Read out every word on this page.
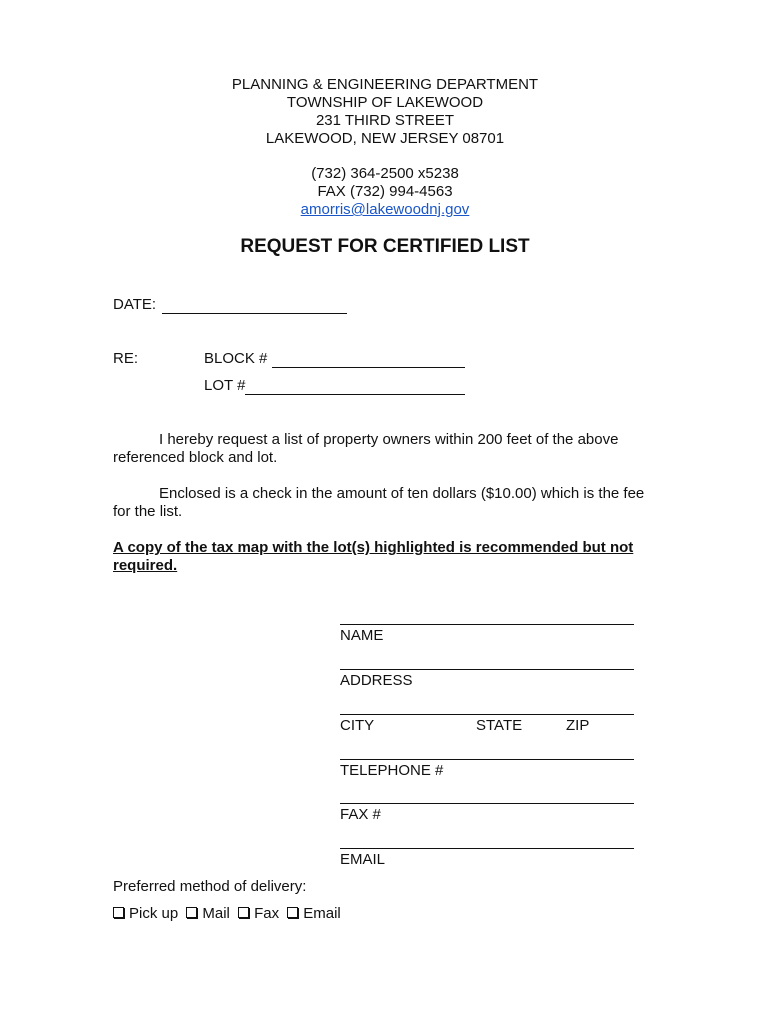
PLANNING & ENGINEERING DEPARTMENT
TOWNSHIP OF LAKEWOOD
231 THIRD STREET
LAKEWOOD, NEW JERSEY 08701
(732) 364-2500 x5238
FAX (732) 994-4563
amorris@lakewoodnj.gov
REQUEST FOR CERTIFIED LIST
DATE:
RE:	BLOCK #
LOT #
I hereby request a list of property owners within 200 feet of the above referenced block and lot.
Enclosed is a check in the amount of ten dollars ($10.00) which is the fee for the list.
A copy of the tax map with the lot(s) highlighted is recommended but not required.
NAME
ADDRESS
CITY	STATE	ZIP
TELEPHONE #
FAX #
EMAIL
Preferred method of delivery:
Pick up Mail Fax Email
